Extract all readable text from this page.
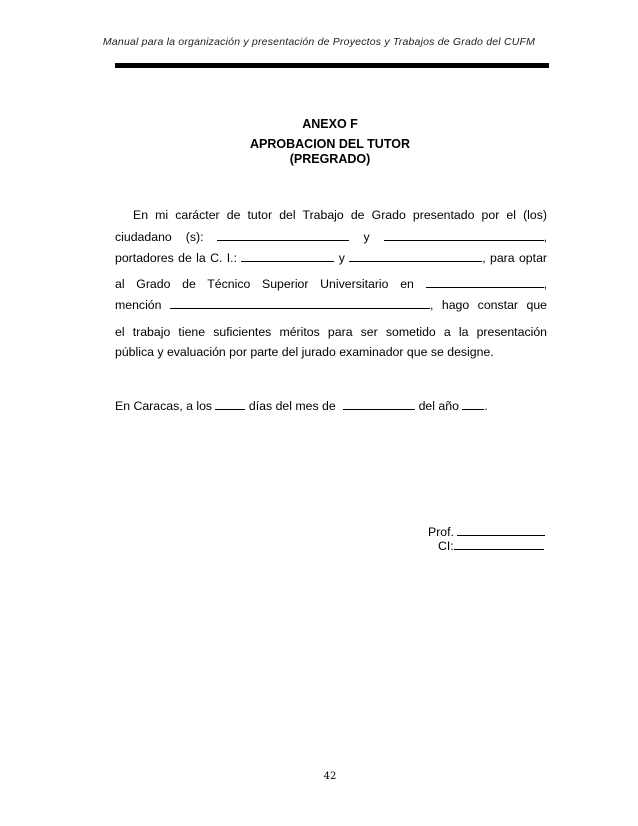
Manual para la organización y presentación de Proyectos y Trabajos de Grado del CUFM
ANEXO F
APROBACION DEL TUTOR
(PREGRADO)
En mi carácter de tutor del Trabajo de Grado presentado por el (los)
ciudadano (s):	y	,
portadores de la C. I.:	y	, para optar
al Grado de Técnico Superior Universitario en	,
mención	, hago constar que
el trabajo tiene suficientes méritos para ser sometido a la presentación
pública y evaluación por parte del jurado examinador que se designe.
En Caracas, a los	días del mes de	del año .
Prof.
CI:
42
